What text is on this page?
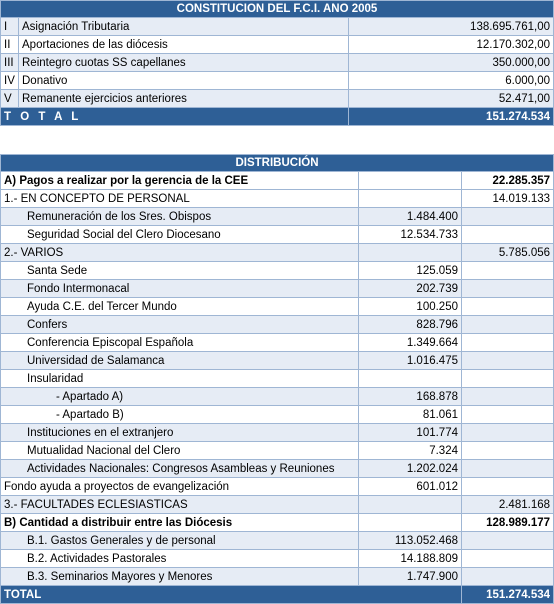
CONSTITUCION DEL F.C.I. ANO 2005		
I	Asignación Tributaria	138.695.761,00
II	Aportaciones de las diócesis	12.170.302,00
III	Reintegro cuotas SS capellanes	350.000,00
IV	Donativo	6.000,00
V	Remanente ejercicios anteriores	52.471,00
T O T A L		151.274.534
DISTRIBUCIÓN		
A) Pagos a realizar por la gerencia de la CEE		22.285.357
1.- EN CONCEPTO DE PERSONAL		14.019.133
Remuneración de los Sres. Obispos	1.484.400	
Seguridad Social del Clero Diocesano	12.534.733	
2.- VARIOS		5.785.056
Santa Sede	125.059	
Fondo Intermonacal	202.739	
Ayuda C.E. del Tercer Mundo	100.250	
Confers	828.796	
Conferencia Episcopal Española	1.349.664	
Universidad de Salamanca	1.016.475	
Insularidad		
- Apartado A)	168.878	
- Apartado B)	81.061	
Instituciones en el extranjero	101.774	
Mutualidad Nacional del Clero	7.324	
Actividades Nacionales: Congresos Asambleas y Reuniones	1.202.024	
Fondo ayuda a proyectos de evangelización	601.012	
3.- FACULTADES ECLESIASTICAS		2.481.168
B) Cantidad a distribuir entre las Diócesis		128.989.177
B.1. Gastos Generales y de personal	113.052.468	
B.2. Actividades Pastorales	14.188.809	
B.3. Seminarios Mayores y Menores	1.747.900	
TOTAL		151.274.534
